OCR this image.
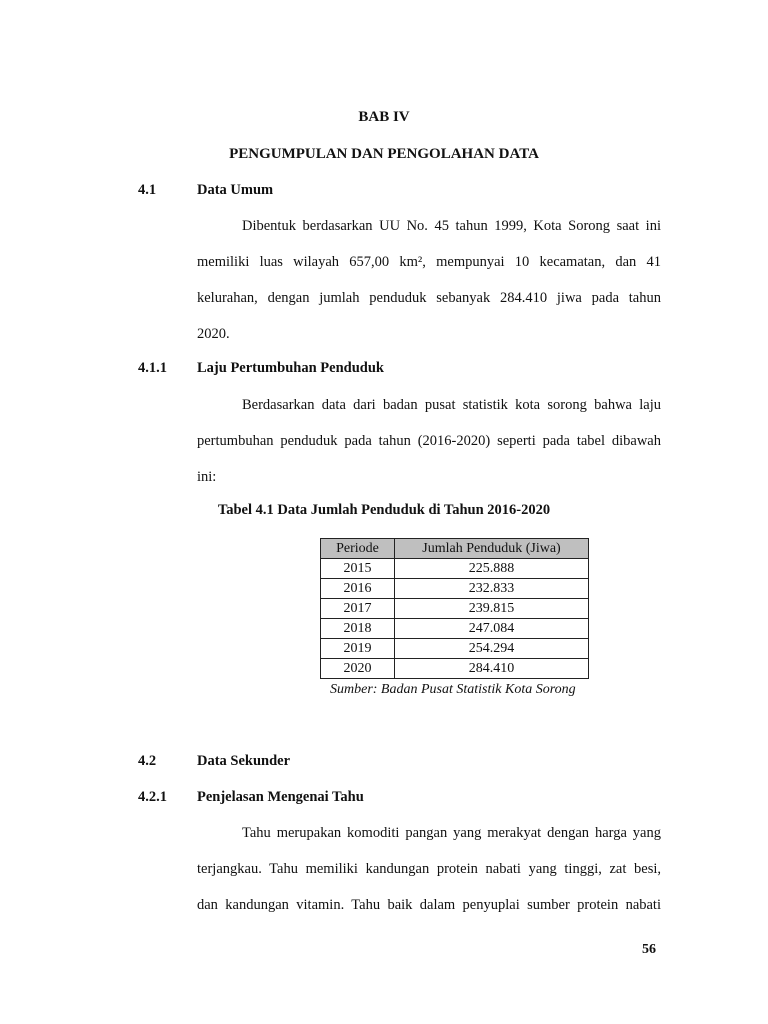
BAB IV
PENGUMPULAN DAN PENGOLAHAN DATA
4.1	Data Umum
Dibentuk berdasarkan UU No. 45 tahun 1999, Kota Sorong saat ini
memiliki luas wilayah 657,00 km², mempunyai 10 kecamatan, dan 41
kelurahan, dengan jumlah penduduk sebanyak 284.410 jiwa pada tahun
2020.
4.1.1 Laju Pertumbuhan Penduduk
Berdasarkan data dari badan pusat statistik kota sorong bahwa laju
pertumbuhan penduduk pada tahun (2016-2020) seperti pada tabel dibawah
ini:
Tabel 4.1 Data Jumlah Penduduk di Tahun 2016-2020
Periode	Jumlah Penduduk (Jiwa)
2015	225.888
2016	232.833
2017	239.815
2018	247.084
2019	254.294
2020	284.410
Sumber: Badan Pusat Statistik Kota Sorong
4.2	Data Sekunder
4.2.1 Penjelasan Mengenai Tahu
Tahu merupakan komoditi pangan yang merakyat dengan harga yang
terjangkau. Tahu memiliki kandungan protein nabati yang tinggi, zat besi,
dan kandungan vitamin. Tahu baik dalam penyuplai sumber protein nabati
56
